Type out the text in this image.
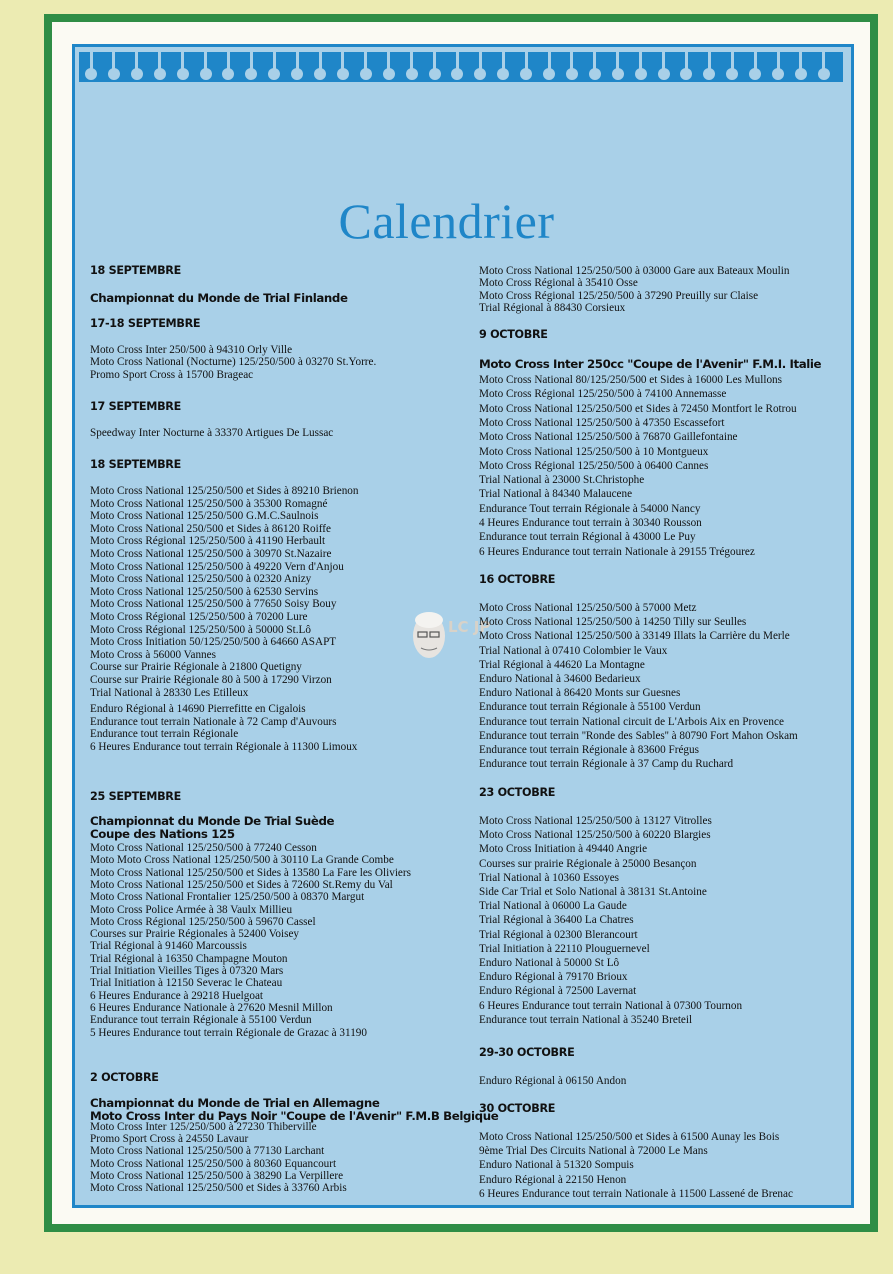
Calendrier
LC JP
18 SEPTEMBRE
Championnat du Monde de Trial Finlande
17-18 SEPTEMBRE
Moto Cross Inter 250/500 à 94310 Orly Ville
Moto Cross National (Nocturne) 125/250/500 à 03270 St.Yorre.
Promo Sport Cross à 15700 Brageac
17 SEPTEMBRE
Speedway Inter Nocturne à 33370 Artigues De Lussac
18 SEPTEMBRE
Moto Cross National 125/250/500 et Sides à 89210 Brienon
Moto Cross National 125/250/500 à 35300 Romagné
Moto Cross National 125/250/500 G.M.C.Saulnois
Moto Cross National 250/500 et Sides à 86120 Roiffe
Moto Cross Régional 125/250/500 à 41190 Herbault
Moto Cross National 125/250/500 à 30970 St.Nazaire
Moto Cross National 125/250/500 à 49220 Vern d'Anjou
Moto Cross National 125/250/500 à 02320 Anizy
Moto Cross National 125/250/500 à 62530 Servins
Moto Cross National 125/250/500 à 77650 Soisy Bouy
Moto Cross Régional 125/250/500 à 70200 Lure
Moto Cross Régional 125/250/500 à 50000 St.Lô
Moto Cross Initiation 50/125/250/500 à 64660 ASAPT
Moto Cross à 56000 Vannes
Course sur Prairie Régionale à 21800 Quetigny
Course sur Prairie Régionale 80 à 500 à 17290 Virzon
Trial National à 28330 Les Etilleux
Enduro Régional à 14690 Pierrefitte en Cigalois
Endurance tout terrain Nationale à 72 Camp d'Auvours
Endurance tout terrain Régionale
6 Heures Endurance tout terrain Régionale à 11300 Limoux
25 SEPTEMBRE
Championnat du Monde De Trial Suède
Coupe des Nations 125
Moto Cross National 125/250/500 à 77240 Cesson
Moto Moto Cross National 125/250/500 à 30110 La Grande Combe
Moto Cross National 125/250/500 et Sides à 13580 La Fare les Oliviers
Moto Cross National 125/250/500 et Sides à 72600 St.Remy du Val
Moto Cross National Frontalier 125/250/500 à 08370 Margut
Moto Cross Police Armée à 38 Vaulx Millieu
Moto Cross Régional 125/250/500 à 59670 Cassel
Courses sur Prairie Régionales à 52400 Voisey
Trial Régional à 91460 Marcoussis
Trial Régional à 16350 Champagne Mouton
Trial Initiation Vieilles Tiges à 07320 Mars
Trial Initiation à 12150 Severac le Chateau
6 Heures Endurance à 29218 Huelgoat
6 Heures Endurance Nationale à 27620 Mesnil Millon
Endurance tout terrain Régionale à 55100 Verdun
5 Heures Endurance tout terrain Régionale de Grazac à 31190
2 OCTOBRE
Championnat du Monde de Trial en Allemagne
Moto Cross Inter du Pays Noir "Coupe de l'Avenir" F.M.B Belgique
Moto Cross Inter 125/250/500 à 27230 Thiberville
Promo Sport Cross à 24550 Lavaur
Moto Cross National 125/250/500 à 77130 Larchant
Moto Cross National 125/250/500 à 80360 Equancourt
Moto Cross National 125/250/500 à 38290 La Verpillere
Moto Cross National 125/250/500 et Sides à 33760 Arbis
Moto Cross National 125/250/500 à 03000 Gare aux Bateaux Moulin
Moto Cross Régional à 35410 Osse
Moto Cross Régional 125/250/500 à 37290 Preuilly sur Claise
Trial Régional à 88430 Corsieux
9 OCTOBRE
Moto Cross Inter 250cc "Coupe de l'Avenir" F.M.I. Italie
Moto Cross National 80/125/250/500 et Sides à 16000 Les Mullons
Moto Cross Régional 125/250/500 à 74100 Annemasse
Moto Cross National 125/250/500 et Sides à 72450 Montfort le Rotrou
Moto Cross National 125/250/500 à 47350 Escassefort
Moto Cross National 125/250/500 à 76870 Gaillefontaine
Moto Cross National 125/250/500 à 10 Montgueux
Moto Cross Régional 125/250/500 à 06400 Cannes
Trial National à 23000 St.Christophe
Trial National à 84340 Malaucene
Endurance Tout terrain Régionale à 54000 Nancy
4 Heures Endurance tout terrain à 30340 Rousson
Endurance tout terrain Régional à 43000 Le Puy
6 Heures Endurance tout terrain Nationale à 29155 Trégourez
16 OCTOBRE
Moto Cross National 125/250/500 à 57000 Metz
Moto Cross National 125/250/500 à 14250 Tilly sur Seulles
Moto Cross National 125/250/500 à 33149 Illats la Carrière du Merle
Trial National à 07410 Colombier le Vaux
Trial Régional à 44620 La Montagne
Enduro National à 34600 Bedarieux
Enduro National à 86420 Monts sur Guesnes
Endurance tout terrain Régionale à 55100 Verdun
Endurance tout terrain National circuit de L'Arbois Aix en Provence
Endurance tout terrain ''Ronde des Sables'' à 80790 Fort Mahon Oskam
Endurance tout terrain Régionale à 83600 Frégus
Endurance tout terrain Régionale à 37 Camp du Ruchard
23 OCTOBRE
Moto Cross National 125/250/500 à 13127 Vitrolles
Moto Cross National 125/250/500 à 60220 Blargies
Moto Cross Initiation à 49440 Angrie
Courses sur prairie Régionale à 25000 Besançon
Trial National à 10360 Essoyes
Side Car Trial et Solo National à 38131 St.Antoine
Trial National à 06000 La Gaude
Trial Régional à 36400 La Chatres
Trial Régional à 02300 Blerancourt
Trial Initiation à 22110 Plouguernevel
Enduro National à 50000 St Lô
Enduro Régional à 79170 Brioux
Enduro Régional à 72500 Lavernat
6 Heures Endurance tout terrain National à 07300 Tournon
Endurance tout terrain National à 35240 Breteil
29-30 OCTOBRE
Enduro Régional à 06150 Andon
30 OCTOBRE
Moto Cross National 125/250/500 et Sides à 61500 Aunay les Bois
9ème Trial Des Circuits National à 72000 Le Mans
Enduro National à 51320 Sompuis
Enduro Régional à 22150 Henon
6 Heures Endurance tout terrain Nationale à 11500 Lassené de Brenac
